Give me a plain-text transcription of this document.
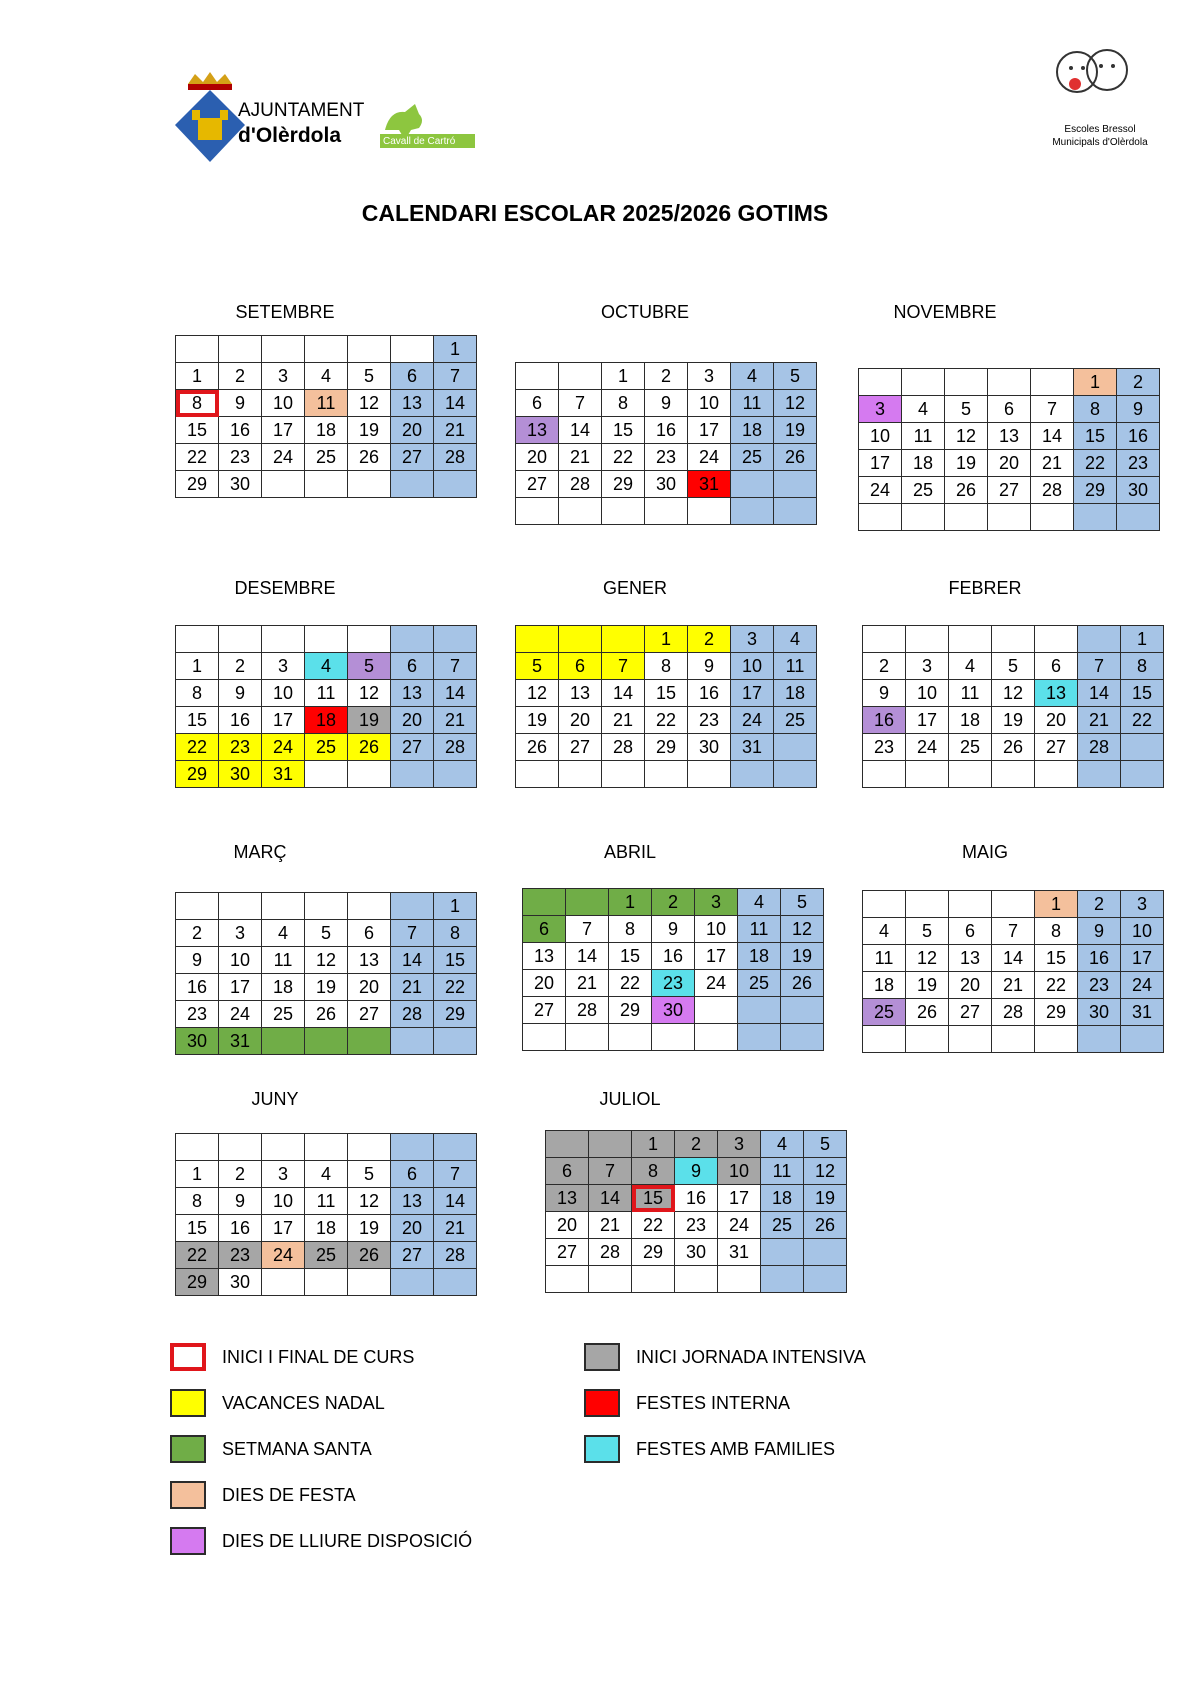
AJUNTAMENT
d'Olèrdola	Cavall de Cartró
Escoles Bressol
Municipals d'Olèrdola
CALENDARI ESCOLAR 2025/2026 GOTIMS
SETEMBRE
						1
1	2	3	4	5	6	7
8	9	10	11	12	13	14
15	16	17	18	19	20	21
22	23	24	25	26	27	28
29	30					
OCTUBRE
		1	2	3	4	5
6	7	8	9	10	11	12
13	14	15	16	17	18	19
20	21	22	23	24	25	26
27	28	29	30	31		

NOVEMBRE
					1	2
3	4	5	6	7	8	9
10	11	12	13	14	15	16
17	18	19	20	21	22	23
24	25	26	27	28	29	30

DESEMBRE

1	2	3	4	5	6	7
8	9	10	11	12	13	14
15	16	17	18	19	20	21
22	23	24	25	26	27	28
29	30	31				
GENER
			1	2	3	4
5	6	7	8	9	10	11
12	13	14	15	16	17	18
19	20	21	22	23	24	25
26	27	28	29	30	31	

FEBRER
						1
2	3	4	5	6	7	8
9	10	11	12	13	14	15
16	17	18	19	20	21	22
23	24	25	26	27	28	

MARÇ
						1
2	3	4	5	6	7	8
9	10	11	12	13	14	15
16	17	18	19	20	21	22
23	24	25	26	27	28	29
30	31					
ABRIL
		1	2	3	4	5
6	7	8	9	10	11	12
13	14	15	16	17	18	19
20	21	22	23	24	25	26
27	28	29	30			

MAIG
				1	2	3
4	5	6	7	8	9	10
11	12	13	14	15	16	17
18	19	20	21	22	23	24
25	26	27	28	29	30	31

JUNY

1	2	3	4	5	6	7
8	9	10	11	12	13	14
15	16	17	18	19	20	21
22	23	24	25	26	27	28
29	30					
JULIOL
		1	2	3	4	5
6	7	8	9	10	11	12
13	14	15	16	17	18	19
20	21	22	23	24	25	26
27	28	29	30	31		

INICI I FINAL DE CURS
VACANCES NADAL
SETMANA SANTA
DIES DE FESTA
DIES DE LLIURE DISPOSICIÓ
INICI JORNADA INTENSIVA
FESTES INTERNA
FESTES AMB FAMILIES
